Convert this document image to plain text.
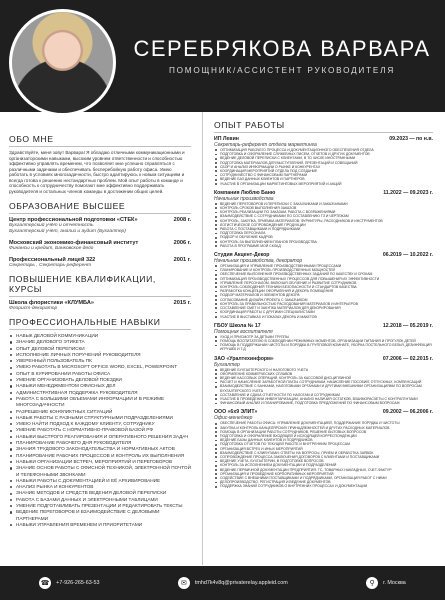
СЕРЕБРЯКОВА ВАРВАРА
ПОМОЩНИК/АССИСТЕНТ РУКОВОДИТЕЛЯ
ОБО МНЕ
Здравствуйте, меня зовут Варвара! Я обладаю отличными коммуникационными и организаторскими навыками, высоким уровнем ответственности и способностью эффективно управлять временем, что позволяет мне успешно справляться с различными задачами и обеспечивать бесперебойную работу офиса. Умею работать в условиях многозадачности, быстро адаптируюсь к новым ситуациям и всегда готова к решению нестандартных проблем. Мой опыт работы в команде и способность к сотрудничеству помогают мне эффективно поддерживать руководителя и остальных членов команды в достижении общих целей.
ОБРАЗОВАНИЕ ВЫСШЕЕ
Центр профессиональной подготовки «СТЕК»	2008 г.
Бухгалтерский учёт и отчетность
Бухгалтерский учёт, анализ и аудит (Бухгалтер)
Московский экономико-финансовый институт	2006 г.
Финансы и кредит, Банковское дело
Профессиональный лицей 322	2001 г.
Секретарь , Секретарь-референт
ПОВЫШЕНИЕ КВАЛИФИКАЦИИ, КУРСЫ
Школа флористики «КЛУМБА»	2015 г.
Флорист-декоратор
ПРОФЕССИОНАЛЬНЫЕ НАВЫКИ
НАВЫК ДЕЛОВОЙ КОММУНИКАЦИИ
ЗНАНИЕ ДЕЛОВОГО ЭТИКЕТА
ОПЫТ ДЕЛОВОЙ ПЕРЕПИСКИ
ИСПОЛНЕНИЕ ЛИЧНЫХ ПОРУЧЕНИЙ РУКОВОДИТЕЛЯ
УВЕРЕННЫЙ ПОЛЬЗОВАТЕЛЬ ПК
УМЕЮ РАБОТАТЬ В MICROSOFT OFFICE WORD, EXCEL, POWERPOINT
ОПЫТ В КУРИРОВАНИИ РАБОТЫ ОФИСА
УМЕНИЕ ОРГАНИЗОВАТЬ ДЕЛОВОЙ ПОЕЗДКИ
НАВЫКИ МЕНЕДЖМЕНТОМ ОФИСНЫХ ДЕЛ
АДМИНИСТРАТИВНАЯ ПОДДЕРЖКА РУКОВОДИТЕЛЯ
РАБОТА С БОЛЬШИМИ ОБЪЕМАМИ ИНФОРМАЦИИ И В РЕЖИМЕ МНОГОЗАДАЧНОСТИ
РАЗРЕШЕНИЕ КОНФЛИКТНЫХ СИТУАЦИЙ
НАВЫК РАБОТЫ С РАЗНЫМИ СТРУКТУРНЫМИ ПОДРАЗДЕЛЕНИЯМИ
УМЕЮ НАЙТИ ПОДХОД К КАЖДОМУ КЛИЕНТУ, СОТРУДНИКУ
УМЕНИЕ РАБОТАТЬ С НОРМАТИВНО-ПРАВОВОЙ БАЗОЙ РФ
НАВЫКИ БЫСТРОГО РЕАГИРОВАНИЯ И ОПЕРАТИВНОГО РЕШЕНИЯ ЗАДАЧ
ПЛАНИРОВАНИЕ РАБОЧЕГО ДНЯ РУКОВОДИТЕЛЯ
ЗНАНИЯ ТРУДОВОГО ЗАКОНОДАТЕЛЬСТВА И НОРМАТИВНЫХ АКТОВ
ПЛАНИРОВАНИЕ РАБОЧИХ ПРОЦЕССОВ И КОНТРОЛЬ ИХ ВЫПОЛНЕНИЯ
НАВЫКИ ОРГАНИЗАЦИИ ВСТРЕЧ, МЕРОПРИЯТИЙ И ПЕРЕГОВОРОВ
ЗНАНИЕ ОСНОВ РАБОТЫ С ОФИСНОЙ ТЕХНИКОЙ, ЭЛЕКТРОННОЙ ПОЧТОЙ И ТЕЛЕФОННЫМИ ЗВОНКАМИ
НАВЫКИ РАБОТЫ С ДОКУМЕНТАЦИЕЙ И ЕЁ АРХИВИРОВАНИЕ
АНАЛИЗ РЫНКА И КОНКУРЕНТОВ
ЗНАНИЕ МЕТОДОВ И СРЕДСТВ ВЕДЕНИЯ ДЕЛОВОЙ ПЕРЕПИСКИ
РАБОТА С БАЗАМИ ДАННЫХ И ЭЛЕКТРОННЫМИ ТАБЛИЦАМИ
УМЕНИЕ ПОДГОТАВЛИВАТЬ ПРЕЗЕНТАЦИИ И РЕДАКТИРОВАТЬ ТЕКСТЫ
ВЕДЕНИЕ ПЕРЕГОВОРОВ И ВЗАИМОДЕЙСТВИЕ С ДЕЛОВЫМИ ПАРТНЕРАМИ
НАВЫКИ УПРАВЛЕНИЯ ВРЕМЕНЕМ И ПРИОРИТЕТАМИ
ОПЫТ РАБОТЫ
ИП Левин	09.2023 — по н.в.
Секретарь-референт отдела маркетинга
ОПТИМИЗАЦИЯ РАБОЧЕГО ПРОЦЕССА И ДОКУМЕНТАЦИОННОГО ОБЕСПЕЧЕНИЯ ОТДЕЛА
ПОДГОТОВКА И ОФОРМЛЕНИЕ СЛУЖЕБНЫХ ПИСЕМ, ОТЧЕТОВ И ДРУГИХ ДОКУМЕНТОВ
ВЕДЕНИЕ ДЕЛОВОЙ ПЕРЕПИСКИ С КЛИЕНТАМИ, В ТО ЧИСЛЕ ИНОСТРАННЫМИ
ПОДГОТОВКА МАТЕРИАЛОВ ДЛЯ ВЫСТУПЛЕНИЙ, ПРЕЗЕНТАЦИЙ И СОВЕЩАНИЙ
СБОР И АНАЛИЗ ИНФОРМАЦИИ О РЫНКЕ И КОНКУРЕНТАХ
КООРДИНАЦИЯ МЕРОПРИЯТИЙ ОТДЕЛА ПОД СОЗДАНИЕ
СОТРУДНИЧЕСТВО С ФИНАНСОВЫМ ПАРТНЕРАМИ
ВЕДЕНИЕ БАЗ ДАННЫХ КЛИЕНТОВ И ПАРТНЕРОВ
УЧАСТИЕ В ОРГАНИЗАЦИИ МАРКЕТИНГОВЫХ МЕРОПРИЯТИЙ И АКЦИЙ
Компания Люблю Баню	11.2022 — 09.2023 г.
Начальник производства
ВЕДЕНИЕ ПЕРЕГОВОРОВ И ПЕРЕПИСКИ С ЗАКАЗЧИКАМИ И ЗАКАЗЧИКАМИ
КОНТРОЛЬ СРОКОВ ВЫПОЛНЕНИЯ ЗАКАЗОВ
КОНТРОЛЬ РЕАЛИЗАЦИИ ПО ЗАКАЗАМ, РАБОТА С ВОЗРАЖЕНИЯМИ
ВЗАИМОДЕЙСТВИЕ С СОТРУДНИКАМИ ПО СОСТАВЛЕНИЮ ТЗ И ЧЕРТЕЖАМ
КОНТРОЛЬ, ЗАКУПКА, ПРИЕМКА МАТЕРИАЛОВ, ФУРНИТУРЫ, РАСХОДНИКОВ И ИНСТРУМЕНТОВ
ЛОГИСТИЧЕСКОЕ СОПРОВОЖДЕНИЕ ПРОДУКЦИИ
РАБОТА С ПОСТАВЩИКАМИ И ПОДРЯДЧИКАМИ
ПОДГОТОВКА ПЕРСОНАЛА
ПОДБОР И ОБУЧЕНИЕ КАДРОВ
КОНТРОЛЬ ЗА ВЫПОЛНЕНИЕМ ПЛАНОВ ПРОИЗВОДСТВА
РАБОТА В ПРОГРАММЕ МОЙ СКЛАД
Студия Акцент-Декор	06.2019 — 10.2022 г.
Начальник производства, декоратор
ОРГАНИЗАЦИЯ И УПРАВЛЕНИЕ ПРОИЗВОДСТВЕННЫМИ ПРОЦЕССАМИ
ПЛАНИРОВАНИЕ И КОНТРОЛЬ ПРОИЗВОДСТВЕННЫХ МОЩНОСТЕЙ
ОБЕСПЕЧЕНИЕ ВЫПОЛНЕНИЯ ПРОИЗВОДСТВЕННЫХ ЗАДАНИЙ ПО КАЧЕСТВУ И СРОКАМ
ОПТИМИЗАЦИЯ ПРОИЗВОДСТВЕННЫХ ПРОЦЕССОВ ДЛЯ ПОВЫШЕНИЯ ИХ ЭФФЕКТИВНОСТИ
УПРАВЛЕНИЕ ПЕРСОНАЛОМ, ВКЛЮЧАЯ ОБУЧЕНИЕ И РАЗВИТИЕ СОТРУДНИКОВ
КОНТРОЛЬ СОБЛЮДЕНИЯ ТЕХНИКИ БЕЗОПАСНОСТИ И СТАНДАРТОВ КАЧЕСТВА
РАЗРАБОТКА КОНЦЕПЦИИ ОФОРМЛЕНИЯ И ДЕКОРА ПОМЕЩЕНИЯ
ПОДБОР МАТЕРИАЛОВ И ЭЛЕМЕНТОВ ДЕКОРА
СОГЛАСОВАНИЕ ДИЗАЙН-ПРОЕКТА С ЗАКАЗЧИКОМ
КОНТРОЛЬ ЗА ПРАВИЛЬНОСТЬЮ РАСХОДОВАНИЯ МАТЕРИАЛОВ И ИНТЕРЬЕРОВ
СОСТАВЛЕНИЕ СМЕТ И ЗАКУПКА МАТЕРИАЛОВ ДЛЯ ДЕКОРИРОВАНИЯ
КООРДИНАЦИЯ РАБОТЫ С ДРУГИМИ СПЕЦИАЛИСТАМИ
УЧАСТИЕ В ВЫСТАВКАХ И ПОКАЗАХ ДЕКОРА И МАКЕТОВ
ГБОУ Школа № 17	12.2018 — 05.2019 г.
Помощник воспитателя
УХОД И ПРИСМОТР ЗА ДЕТЬМИ ГРУППЫ
ПОМОЩЬ ВОСПИТАТЕЛЮ В СОБЛЮДЕНИИ РЕЖИМНЫХ МОМЕНТОВ, ОРГАНИЗАЦИИ ПИТАНИЯ И ПРОГУЛОК ДЕТЕЙ
ПОМОЩЬ В ПОДДЕРЖАНИИ ЧИСТОТЫ И ПОРЯДКА В ГРУППОВОЙ КОМНАТЕ, УБОРКА ПОСТЕЛЬНОГО БЕЛЬЯ, ДЕЗИНФЕКЦИЯ ИГРУШЕК И Т.Д.
ЗАО «Уралтехинформ»	07.2006 — 02.2015 г.
Бухгалтер
ВЕДЕНИЕ БУХГАЛТЕРСКОГО И НАЛОГОВОГО УЧЕТА
ОФОРМЛЕНИЕ КОММЕРЧЕСКИХ СПЛАВОВ
ВЕДЕНИЕ КАССОВЫХ ОПЕРАЦИЙ, КОНТРОЛЬ ЗА КАССОВОЙ ДИСЦИПЛИНОЙ
РАСЧЕТ И НАЧИСЛЕНИЕ ЗАРАБОТНОЙ ПЛАТЫ СОТРУДНИКАМ, НАЧИСЛЕНИЕ ПОСОБИЙ, ОТПУСКНЫХ, КОМПЕНСАЦИЙ
ВЗАИМОДЕЙСТВИЕ С БАНКАМИ, НАЛОГОВЫМИ ОРГАНАМИ И ДРУГИМИ ВНЕШНИМИ ОРГАНИЗАЦИЯМИ ПО ВОПРОСАМ БУХГАЛТЕРСКОГО УЧЕТА
СОСТАВЛЕНИЕ И СДАЧА ОТЧЕТНОСТИ ПО НАЛОГАМ И СОТРУДНИКАМ
УЧАСТИЕ В ПРОВЕДЕНИИ ИНВЕНТАРИЗАЦИИ, АНАЛИЗ НАЛИЧИЯ ОСТАТКОВ, ВЗАИМОРАСЧЕТЫ С КОНТРАГЕНТАМИ
ФИНАНСОВЫЙ АНАЛИЗ И ПЛАНИРОВАНИЕ, ПОДГОТОВКА ПРЕДЛОЖЕНИЙ ПО ФИНАНСОВЫМ ВОПРОСАМ
ООО «6х9 ЭЛИТ»	09.2002 — 06.2006 г.
Офис-менеджер
ОБЕСПЕЧЕНИЕ РАБОТЫ ОФИСА: УПРАВЛЕНИЕ ДОКУМЕНТАЦИЕЙ, ПОДДЕРЖАНИЕ ПОРЯДКА И ЧИСТОТЫ
ЗАКУПКА И КОНТРОЛЬ КАНЦЕЛЯРСКИХ ПРИНАДЛЕЖНОСТЕЙ И ДРУГИХ РАСХОДНЫХ МАТЕРИАЛОВ
ПОМОЩЬ В ОРГАНИЗАЦИИ РАБОТЫ СОТРУДНИКОВ, РЕШЕНИЕ БЫТОВЫХ ВОПРОСОВ
ПОДГОТОВКА И ОФОРМЛЕНИЕ ВХОДЯЩЕЙ И ИСХОДЯЩЕЙ КОРРЕСПОНДЕНЦИИ
ВЕДЕНИЕ БАЗЫ ДАННЫХ КЛИЕНТОВ И ПОДРЯДЧИКОВ
ПОДГОТОВКА ОТЧЕТОВ ПО ТЕКУЩЕЙ РАБОТЕ И ВНУТРЕННИМ ПРОЦЕССАМ
ОРГАНИЗАЦИЯ ВСТРЕЧ И ИНЫХ МЕРОПРИЯТИЙ
ВЗАИМОДЕЙСТВИЕ С КЛИЕНТАМИ: ОТВЕТЫ НА ВОПРОСЫ, ПРИЕМ И ОБРАБОТКА ЗАЯВОК
СОПРОВОЖДЕНИЕ ПРОЦЕССА ЗАКЛЮЧЕНИЯ ДОГОВОРОВ С КЛИЕНТАМИ И ПОСТАВЩИКАМИ
ВЕДЕНИЕ УЧЕТА, БУХГАЛТЕРИИ, В ПОДГОТОВКЕ ВОПРОСОВ
КОНТРОЛЬ ЗА ИСПОЛНЕНИЕМ ДОКУМЕНТАЦИИ И ПОДРАЗДЕЛЕНИЙ
ВЕДЕНИЕ ПЕРВИЧНОЙ ДОКУМЕНТАЦИИ ПРЕДПРИЯТИЯ: ТС, ТОВАРНЫХ НАКЛАДНЫХ, СЧЕТ-ФАКТУР
ОРГАНИЗАЦИЯ И ПРОВЕДЕНИЕ КОРПОРАТИВНЫХ МЕРОПРИЯТИЙ
СОДЕЙСТВИЕ С ВНЕШНИМИ ПОСТАВЩИКАМИ И ПОДРЯДЧИКАМИ, ОРГАНИЗАЦИЯ РАБОТ С НИМИ
ДЕЛОПРОИЗВОДСТВО, РЕГИСТРАЦИЯ И ВЕДЕНИЕ ДОКУМЕНТОВ
ПОДДЕРЖКА ЗНАНИЙ СОТРУДНИКОВ О ВНУТРЕННИХ ПРОЦЕССАХ И ДОКУМЕНТАЦИИ
☎	+7-926-265-63-53	✉	tmhd7k4v8q@privaterelay.appleid.com	⚲	г. Москва
